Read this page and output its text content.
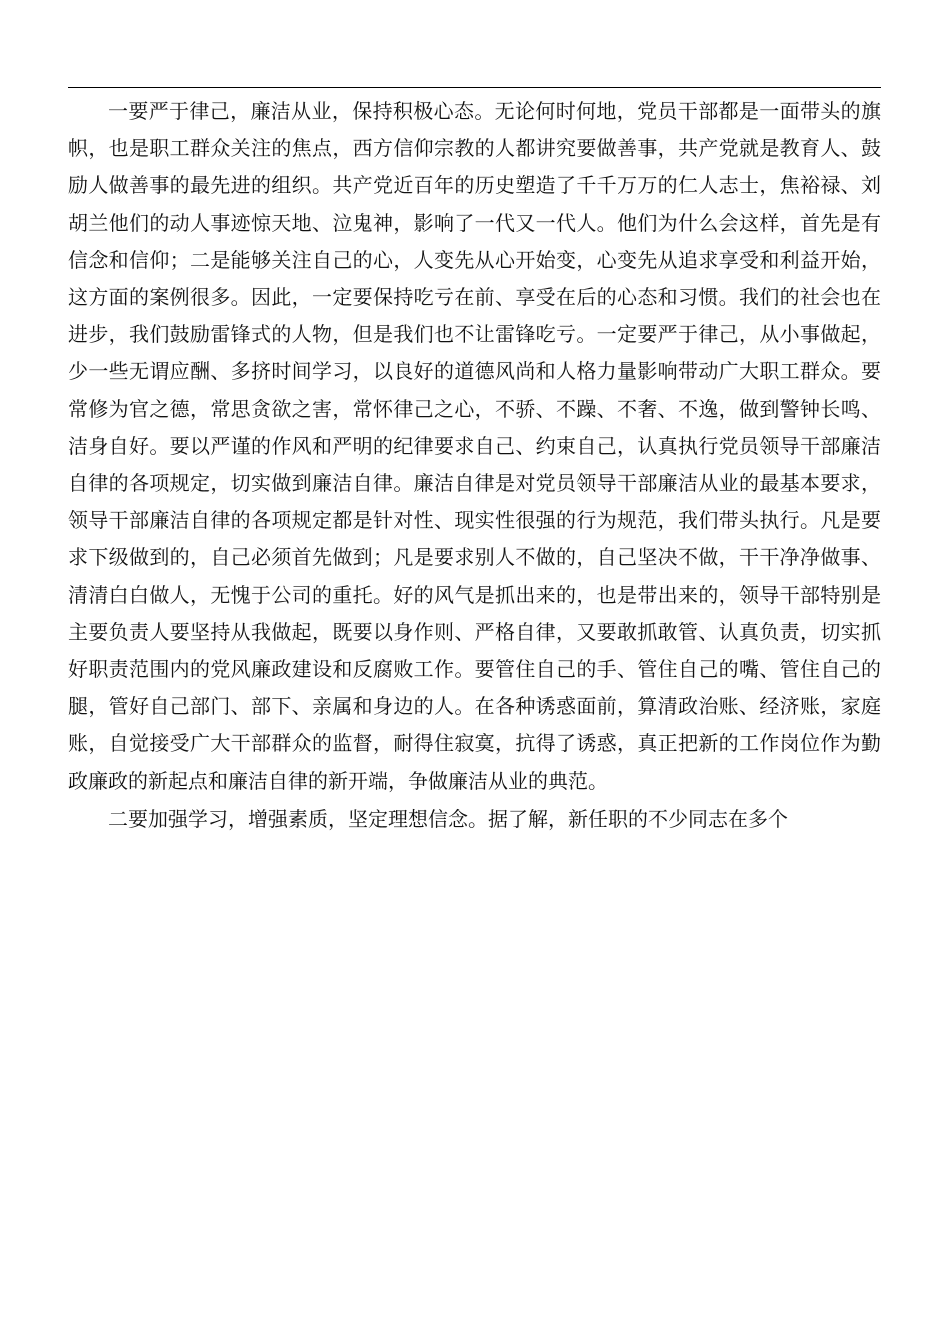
一要严于律己，廉洁从业，保持积极心态。无论何时何地，党员干部都是一面带头的旗帜，也是职工群众关注的焦点，西方信仰宗教的人都讲究要做善事，共产党就是教育人、鼓励人做善事的最先进的组织。共产党近百年的历史塑造了千千万万的仁人志士，焦裕禄、刘胡兰他们的动人事迹惊天地、泣鬼神，影响了一代又一代人。他们为什么会这样，首先是有信念和信仰；二是能够关注自己的心，人变先从心开始变，心变先从追求享受和利益开始，这方面的案例很多。因此，一定要保持吃亏在前、享受在后的心态和习惯。我们的社会也在进步，我们鼓励雷锋式的人物，但是我们也不让雷锋吃亏。一定要严于律己，从小事做起，少一些无谓应酬、多挤时间学习，以良好的道德风尚和人格力量影响带动广大职工群众。要常修为官之德，常思贪欲之害，常怀律己之心，不骄、不躁、不奢、不逸，做到警钟长鸣、洁身自好。要以严谨的作风和严明的纪律要求自己、约束自己，认真执行党员领导干部廉洁自律的各项规定，切实做到廉洁自律。廉洁自律是对党员领导干部廉洁从业的最基本要求，领导干部廉洁自律的各项规定都是针对性、现实性很强的行为规范，我们带头执行。凡是要求下级做到的，自己必须首先做到；凡是要求别人不做的，自己坚决不做，干干净净做事、清清白白做人，无愧于公司的重托。好的风气是抓出来的，也是带出来的，领导干部特别是主要负责人要坚持从我做起，既要以身作则、严格自律，又要敢抓敢管、认真负责，切实抓好职责范围内的党风廉政建设和反腐败工作。要管住自己的手、管住自己的嘴、管住自己的腿，管好自己部门、部下、亲属和身边的人。在各种诱惑面前，算清政治账、经济账，家庭账，自觉接受广大干部群众的监督，耐得住寂寞，抗得了诱惑，真正把新的工作岗位作为勤政廉政的新起点和廉洁自律的新开端，争做廉洁从业的典范。

二要加强学习，增强素质，坚定理想信念。据了解，新任职的不少同志在多个
